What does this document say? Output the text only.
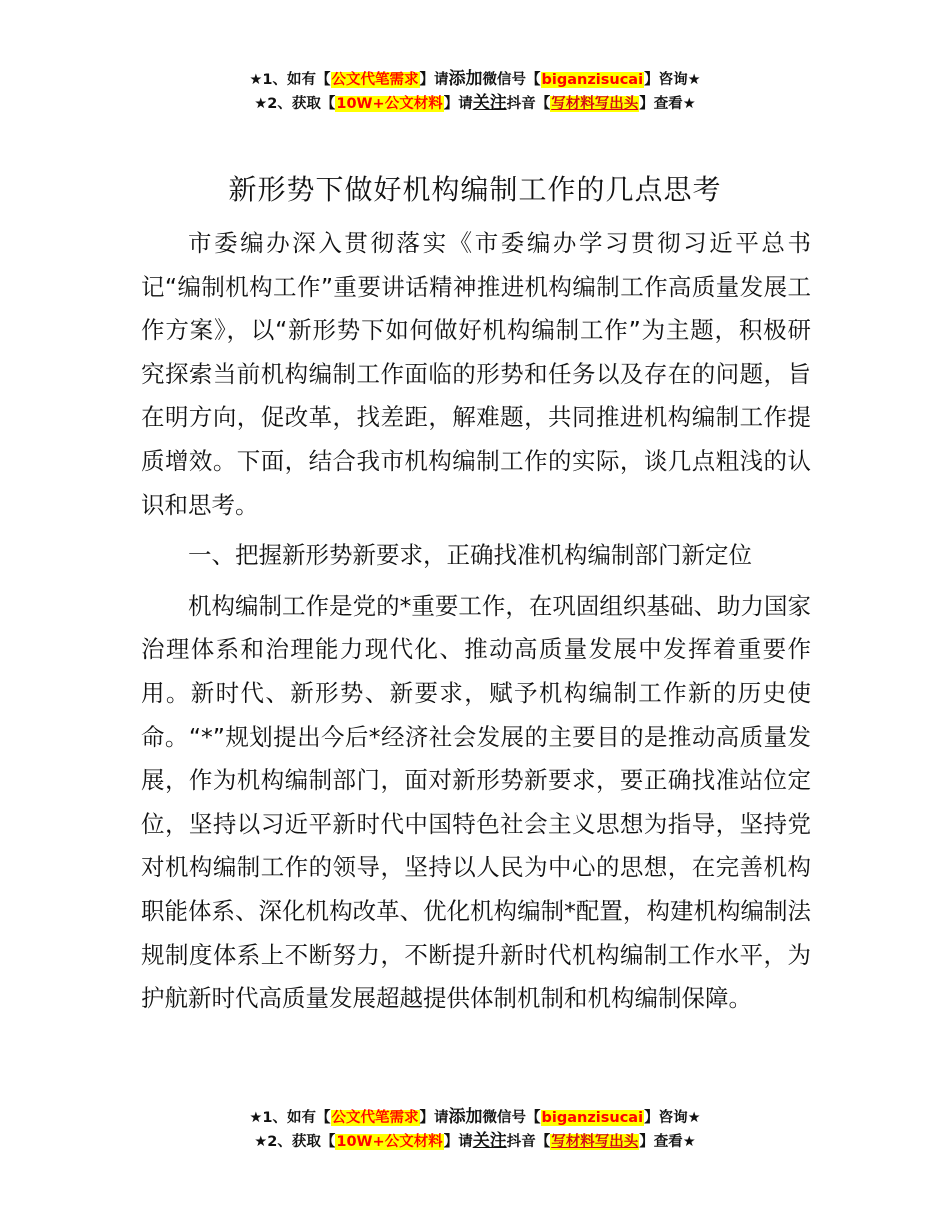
★1、如有【公文代笔需求】请添加微信号【biganzisucai】咨询★
★2、获取【10W+公文材料】请关注抖音【写材料写出头】查看★
新形势下做好机构编制工作的几点思考

市委编办深入贯彻落实《市委编办学习贯彻习近平总书记“编制机构工作”重要讲话精神推进机构编制工作高质量发展工作方案》，以“新形势下如何做好机构编制工作”为主题，积极研究探索当前机构编制工作面临的形势和任务以及存在的问题，旨在明方向，促改革，找差距，解难题，共同推进机构编制工作提质增效。下面，结合我市机构编制工作的实际，谈几点粗浅的认识和思考。

一、把握新形势新要求，正确找准机构编制部门新定位

机构编制工作是党的*重要工作，在巩固组织基础、助力国家治理体系和治理能力现代化、推动高质量发展中发挥着重要作用。新时代、新形势、新要求，赋予机构编制工作新的历史使命。“*”规划提出今后*经济社会发展的主要目的是推动高质量发展，作为机构编制部门，面对新形势新要求，要正确找准站位定位，坚持以习近平新时代中国特色社会主义思想为指导，坚持党对机构编制工作的领导，坚持以人民为中心的思想，在完善机构职能体系、深化机构改革、优化机构编制*配置，构建机构编制法规制度体系上不断努力，不断提升新时代机构编制工作水平，为护航新时代高质量发展超越提供体制机制和机构编制保障。

★1、如有【公文代笔需求】请添加微信号【biganzisucai】咨询★
★2、获取【10W+公文材料】请关注抖音【写材料写出头】查看★
